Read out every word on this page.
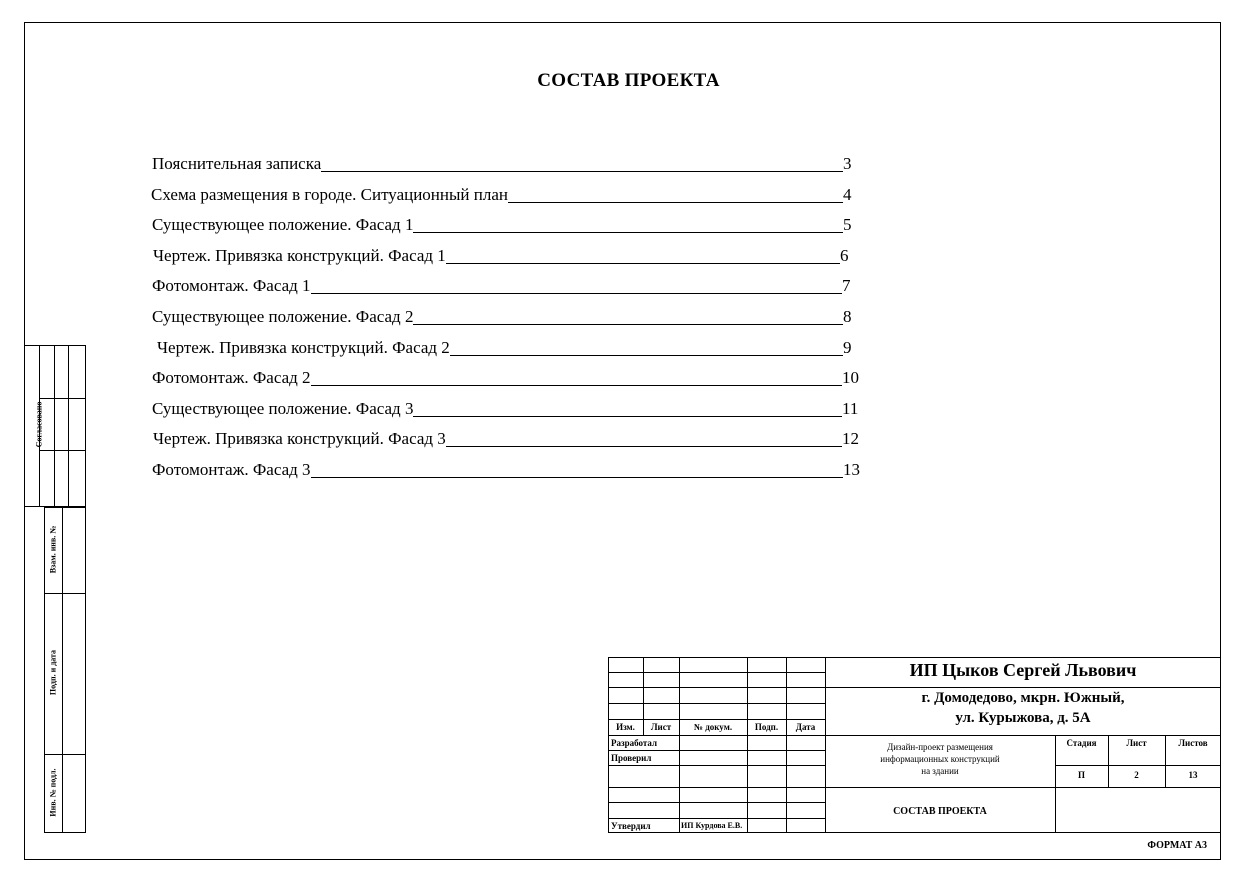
СОСТАВ ПРОЕКТА
Пояснительная записка	3
Схема размещения в городе. Ситуационный план	4
Существующее положение. Фасад 1	5
Чертеж. Привязка конструкций. Фасад 1	6
Фотомонтаж. Фасад 1	7
Существующее положение. Фасад 2	8
Чертеж. Привязка конструкций. Фасад 2	9
Фотомонтаж. Фасад 2	10
Существующее положение. Фасад 3	11
Чертеж. Привязка конструкций. Фасад 3	12
Фотомонтаж. Фасад 3	13
Согласовано
Взам. инв. №
Подп. и дата
Инв. № подл.
Изм.	Лист	№ докум.	Подп.	Дата
Разработал
Проверил
Утвердил	ИП Курдова Е.В.
ИП Цыков Сергей Львович
г. Домодедово, мкрн. Южный,
ул. Курыжова, д. 5А
Дизайн-проект размещения
информационных конструкций
на здании
Стадия	Лист	Листов
П	2	13
СОСТАВ ПРОЕКТА
ФОРМАТ А3
